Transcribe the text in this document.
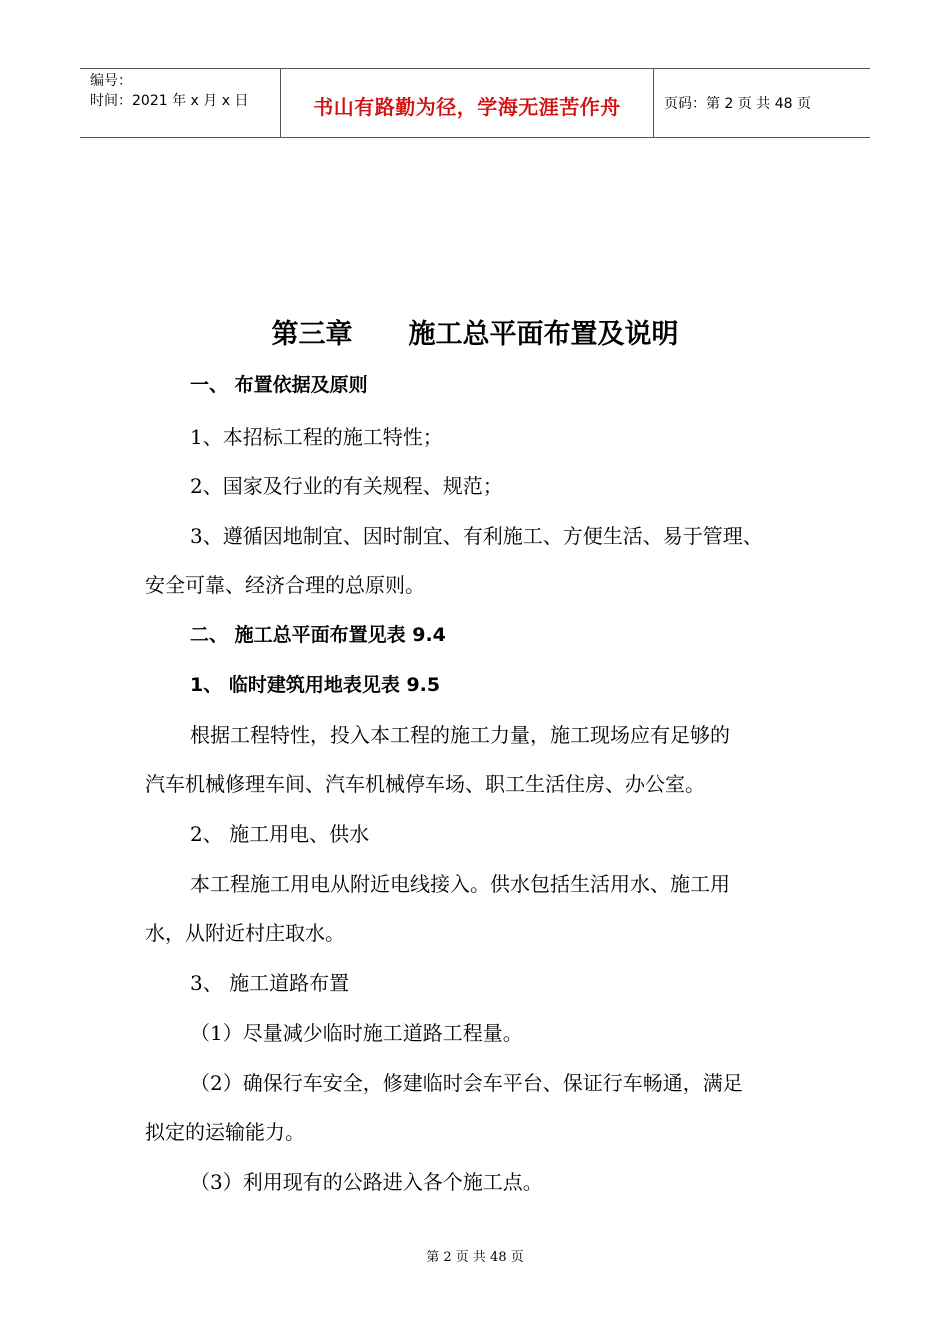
编号：
时间：2021 年 x 月 x 日	书山有路勤为径，学海无涯苦作舟	页码：第 2 页 共 48 页
第三章 施工总平面布置及说明
一、 布置依据及原则
1、本招标工程的施工特性；
2、国家及行业的有关规程、规范；
3、遵循因地制宜、因时制宜、有利施工、方便生活、易于管理、
安全可靠、经济合理的总原则。
二、 施工总平面布置见表 9.4
1、 临时建筑用地表见表 9.5
根据工程特性，投入本工程的施工力量，施工现场应有足够的
汽车机械修理车间、汽车机械停车场、职工生活住房、办公室。
2、 施工用电、供水
本工程施工用电从附近电线接入。供水包括生活用水、施工用
水，从附近村庄取水。
3、 施工道路布置
（1）尽量减少临时施工道路工程量。
（2）确保行车安全，修建临时会车平台、保证行车畅通，满足
拟定的运输能力。
（3）利用现有的公路进入各个施工点。
第 2 页 共 48 页
